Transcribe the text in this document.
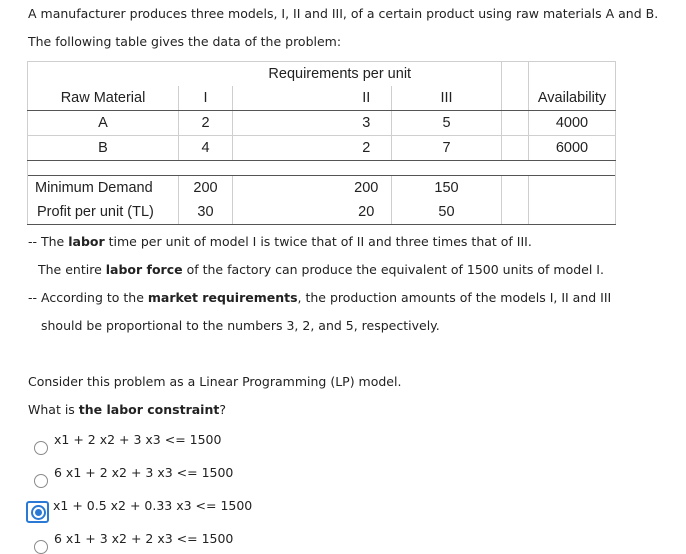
A manufacturer produces three models, I, II and III, of a certain product using raw materials A and B.
The following table gives the data of the problem:
	Requirements per unit					
Raw Material	I		II	III		Availability
A	2		3	5		4000
B	4		2	7		6000

Minimum Demand	200		200	150		
Profit per unit (TL)	30		20	50		
-- The labor time per unit of model I is twice that of II and three times that of III.
The entire labor force of the factory can produce the equivalent of 1500 units of model I.
-- According to the market requirements, the production amounts of the models I, II and III
should be proportional to the numbers 3, 2, and 5, respectively.
Consider this problem as a Linear Programming (LP) model.
What is the labor constraint?
x1 + 2 x2 + 3 x3 <= 1500
6 x1 + 2 x2 + 3 x3 <= 1500
x1 + 0.5 x2 + 0.33 x3 <= 1500
6 x1 + 3 x2 + 2 x3 <= 1500
